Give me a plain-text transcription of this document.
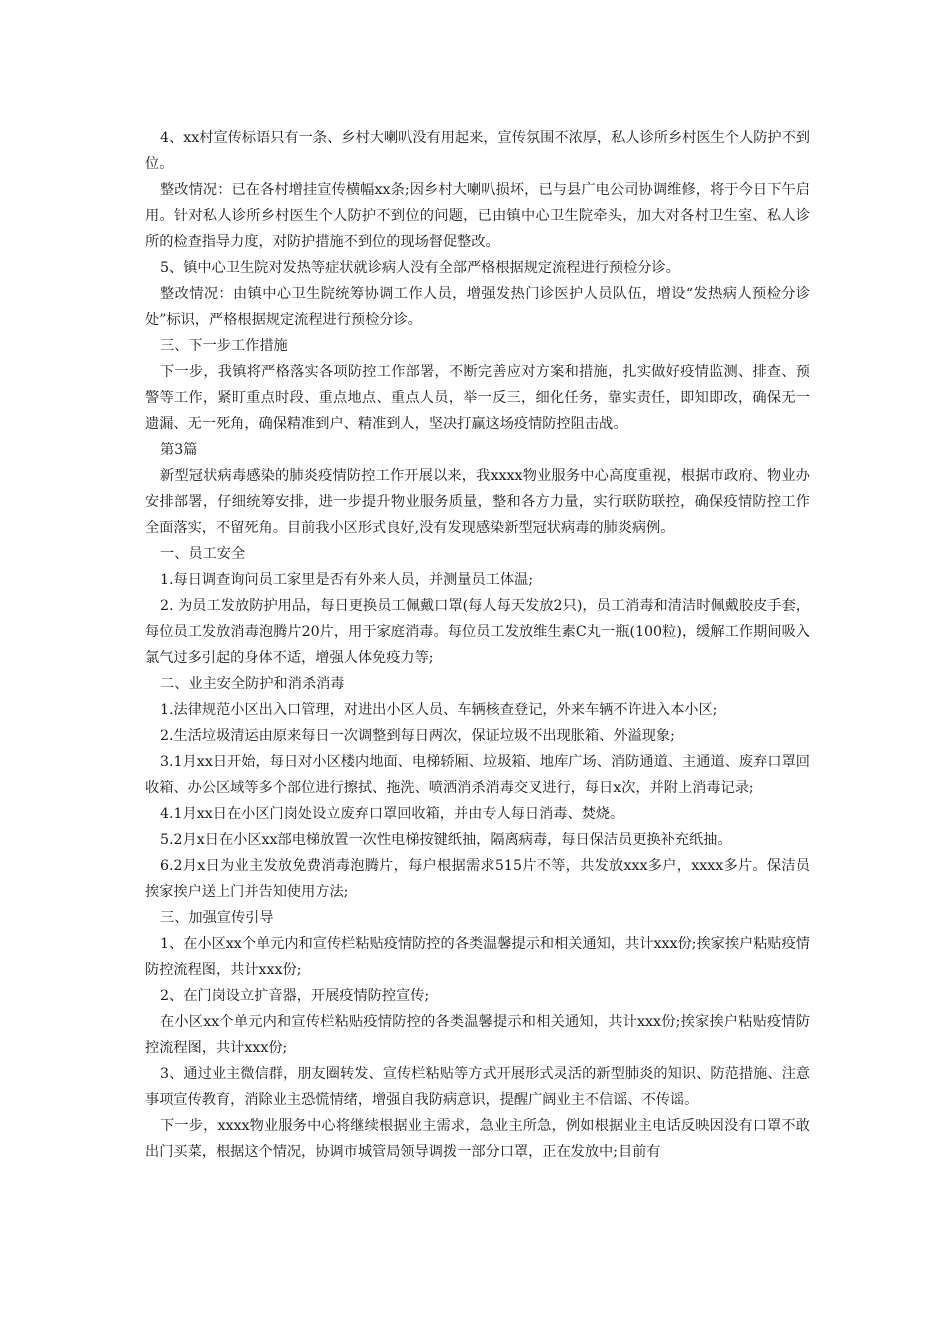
4、xx村宣传标语只有一条、乡村大喇叭没有用起来，宣传氛围不浓厚，私人诊所乡村医生个人防护不到位。

整改情况：已在各村增挂宣传横幅xx条;因乡村大喇叭损坏，已与县广电公司协调维修，将于今日下午启用。针对私人诊所乡村医生个人防护不到位的问题，已由镇中心卫生院牵头，加大对各村卫生室、私人诊所的检查指导力度，对防护措施不到位的现场督促整改。

5、镇中心卫生院对发热等症状就诊病人没有全部严格根据规定流程进行预检分诊。

整改情况：由镇中心卫生院统筹协调工作人员，增强发热门诊医护人员队伍，增设“发热病人预检分诊处”标识，严格根据规定流程进行预检分诊。

三、下一步工作措施

下一步，我镇将严格落实各项防控工作部署，不断完善应对方案和措施，扎实做好疫情监测、排查、预警等工作，紧盯重点时段、重点地点、重点人员，举一反三，细化任务，靠实责任，即知即改，确保无一遗漏、无一死角，确保精准到户、精准到人，坚决打赢这场疫情防控阻击战。

第3篇

新型冠状病毒感染的肺炎疫情防控工作开展以来，我xxxx物业服务中心高度重视，根据市政府、物业办安排部署，仔细统筹安排，进一步提升物业服务质量，整和各方力量，实行联防联控，确保疫情防控工作全面落实，不留死角。目前我小区形式良好,没有发现感染新型冠状病毒的肺炎病例。

一、员工安全

1.每日调查询问员工家里是否有外来人员，并测量员工体温;

2. 为员工发放防护用品，每日更换员工佩戴口罩(每人每天发放2只)，员工消毒和清洁时佩戴胶皮手套，每位员工发放消毒泡腾片20片，用于家庭消毒。每位员工发放维生素C丸一瓶(100粒)，缓解工作期间吸入氯气过多引起的身体不适，增强人体免疫力等;

二、业主安全防护和消杀消毒

1.法律规范小区出入口管理，对进出小区人员、车辆核查登记，外来车辆不许进入本小区;

2.生活垃圾清运由原来每日一次调整到每日两次，保证垃圾不出现胀箱、外溢现象;

3.1月xx日开始，每日对小区楼内地面、电梯轿厢、垃圾箱、地库广场、消防通道、主通道、废弃口罩回收箱、办公区域等多个部位进行擦拭、拖洗、喷洒消杀消毒交叉进行，每日x次，并附上消毒记录;

4.1月xx日在小区门岗处设立废弃口罩回收箱，并由专人每日消毒、焚烧。

5.2月x日在小区xx部电梯放置一次性电梯按键纸抽，隔离病毒，每日保洁员更换补充纸抽。

6.2月x日为业主发放免费消毒泡腾片，每户根据需求515片不等，共发放xxx多户，xxxx多片。保洁员挨家挨户送上门并告知使用方法;

三、加强宣传引导

1、在小区xx个单元内和宣传栏粘贴疫情防控的各类温馨提示和相关通知，共计xxx份;挨家挨户粘贴疫情防控流程图，共计xxx份;

2、在门岗设立扩音器，开展疫情防控宣传;

在小区xx个单元内和宣传栏粘贴疫情防控的各类温馨提示和相关通知，共计xxx份;挨家挨户粘贴疫情防控流程图，共计xxx份;

3、通过业主微信群，朋友圈转发、宣传栏粘贴等方式开展形式灵活的新型肺炎的知识、防范措施、注意事项宣传教育，消除业主恐慌情绪，增强自我防病意识，提醒广阔业主不信谣、不传谣。

下一步，xxxx物业服务中心将继续根据业主需求，急业主所急，例如根据业主电话反映因没有口罩不敢出门买菜，根据这个情况，协调市城管局领导调拨一部分口罩，正在发放中;目前有
